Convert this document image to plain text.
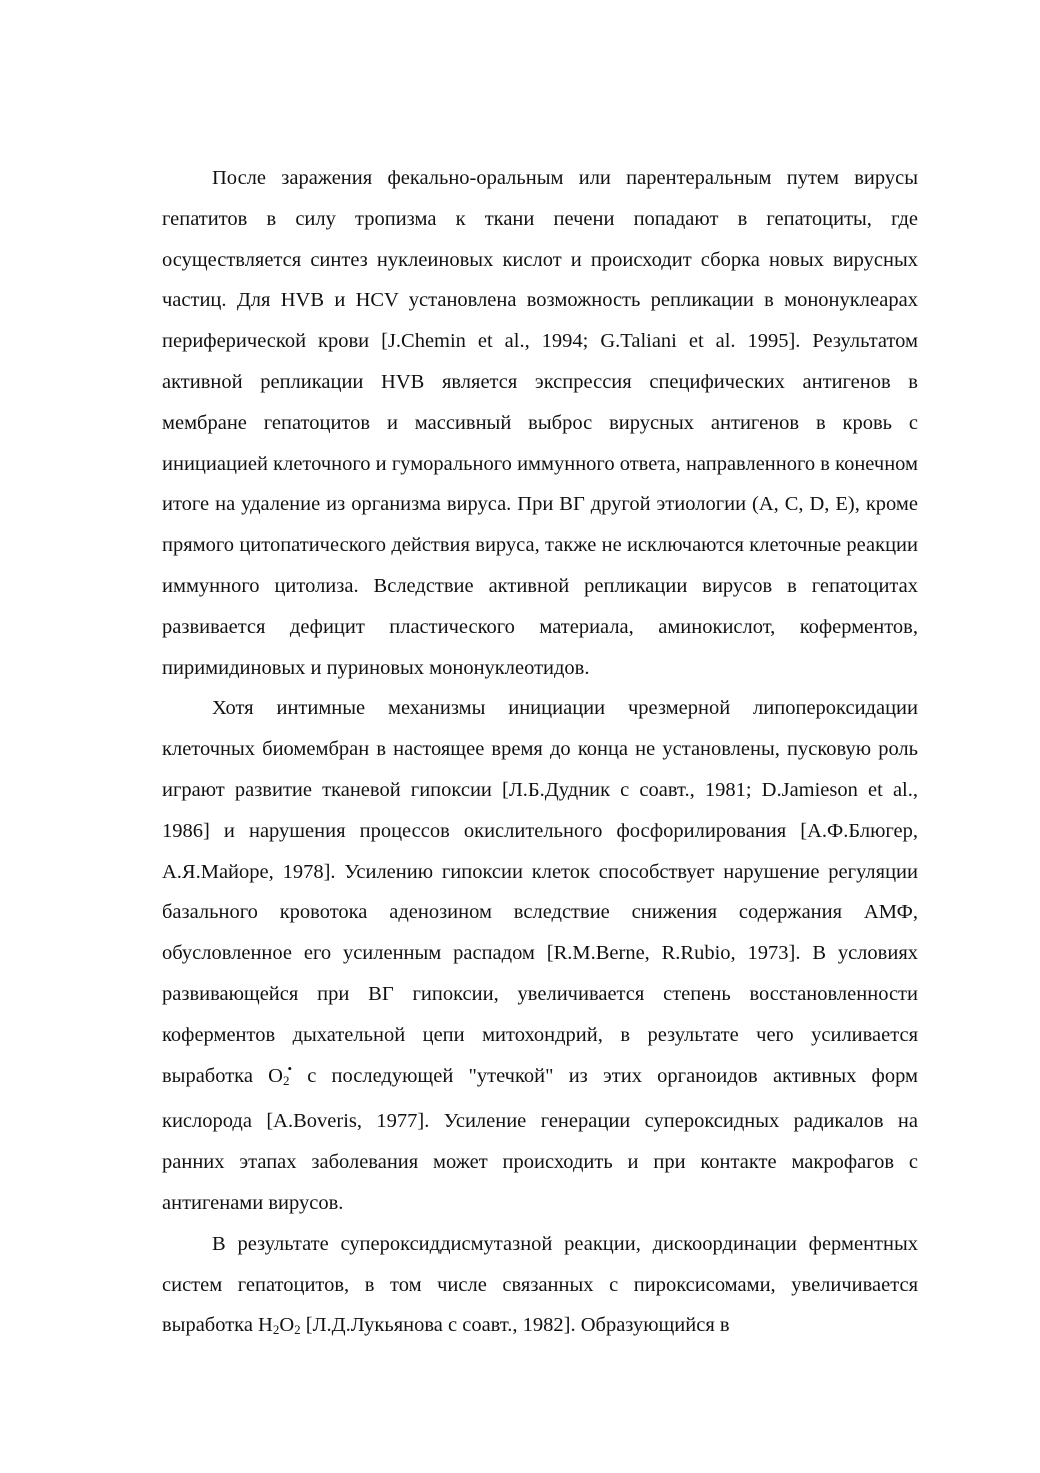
После заражения фекально-оральным или парентеральным путем вирусы гепатитов в силу тропизма к ткани печени попадают в гепатоциты, где осуществляется синтез нуклеиновых кислот и происходит сборка новых вирусных частиц. Для HVB и HCV установлена возможность репликации в мононуклеарах периферической крови [J.Chemin et al., 1994; G.Taliani et al. 1995]. Результатом активной репликации HVB является экспрессия специфических антигенов в мембране гепатоцитов и массивный выброс вирусных антигенов в кровь с инициацией клеточного и гуморального иммунного ответа, направленного в конечном итоге на удаление из организма вируса. При ВГ другой этиологии (A, C, D, E), кроме прямого цитопатического действия вируса, также не исключаются клеточные реакции иммунного цитолиза. Вследствие активной репликации вирусов в гепатоцитах развивается дефицит пластического материала, аминокислот, коферментов, пиримидиновых и пуриновых мононуклеотидов.

Хотя интимные механизмы инициации чрезмерной липопероксидации клеточных биомембран в настоящее время до конца не установлены, пусковую роль играют развитие тканевой гипоксии [Л.Б.Дудник с соавт., 1981; D.Jamieson et al., 1986] и нарушения процессов окислительного фосфорилирования [А.Ф.Блюгер, А.Я.Майоре, 1978]. Усилению гипоксии клеток способствует нарушение регуляции базального кровотока аденозином вследствие снижения содержания АМФ, обусловленное его усиленным распадом [R.M.Berne, R.Rubio, 1973]. В условиях развивающейся при ВГ гипоксии, увеличивается степень восстановленности коферментов дыхательной цепи митохондрий, в результате чего усиливается выработка O2• с последующей "утечкой" из этих органоидов активных форм кислорода [A.Boveris, 1977]. Усиление генерации супероксидных радикалов на ранних этапах заболевания может происходить и при контакте макрофагов с антигенами вирусов.

В результате супероксиддисмутазной реакции, дискоординации ферментных систем гепатоцитов, в том числе связанных с пироксисомами, увеличивается выработка H2O2 [Л.Д.Лукьянова с соавт., 1982]. Образующийся в
